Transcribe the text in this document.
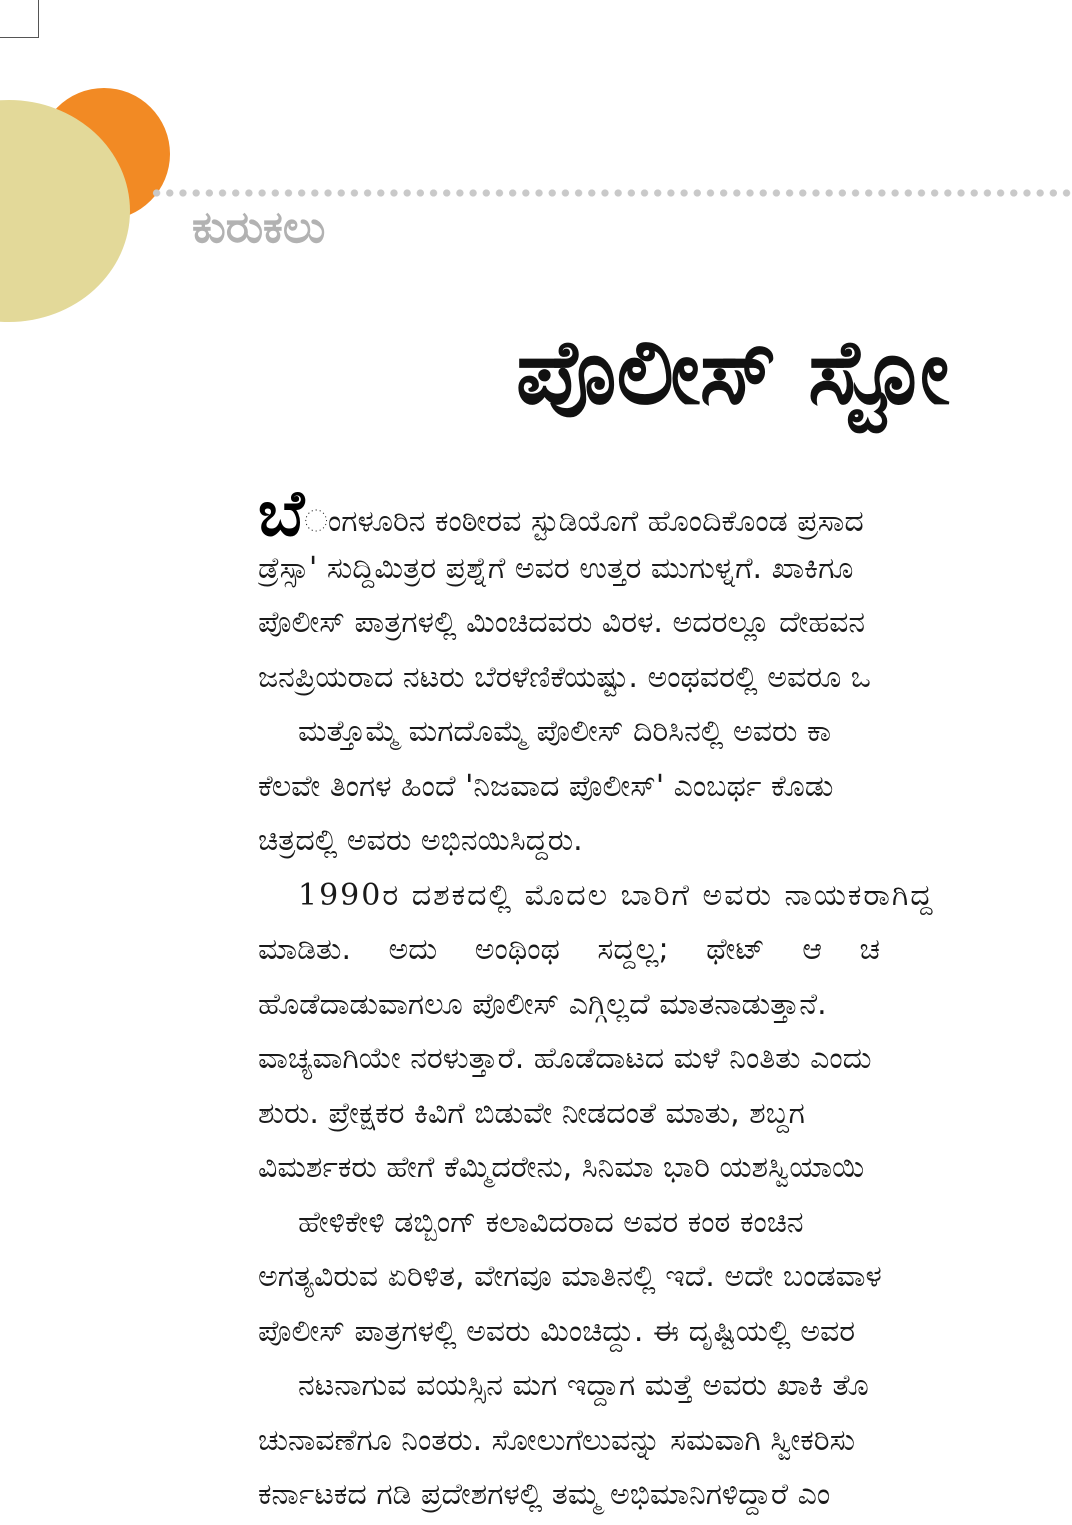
ಕುರುಕಲು
ಪೊಲೀಸ್ ಸ್ಟೋ
ಬೆಂಗಳೂರಿನ ಕಂಠೀರವ ಸ್ಟುಡಿಯೊಗೆ ಹೊಂದಿಕೊಂಡ ಪ್ರಸಾದ
ಡ್ರೆಸ್ಸಾ' ಸುದ್ದಿಮಿತ್ರರ ಪ್ರಶ್ನೆಗೆ ಅವರ ಉತ್ತರ ಮುಗುಳ್ನಗೆ. ಖಾಕಿಗೂ
ಪೊಲೀಸ್ ಪಾತ್ರಗಳಲ್ಲಿ ಮಿಂಚಿದವರು ವಿರಳ. ಅದರಲ್ಲೂ ದೇಹವನ
ಜನಪ್ರಿಯರಾದ ನಟರು ಬೆರಳೆಣಿಕೆಯಷ್ಟು. ಅಂಥವರಲ್ಲಿ ಅವರೂ ಒ
ಮತ್ತೊಮ್ಮೆ ಮಗದೊಮ್ಮೆ ಪೊಲೀಸ್ ದಿರಿಸಿನಲ್ಲಿ ಅವರು ಕಾ
ಕೆಲವೇ ತಿಂಗಳ ಹಿಂದೆ 'ನಿಜವಾದ ಪೊಲೀಸ್' ಎಂಬರ್ಥ ಕೊಡು
ಚಿತ್ರದಲ್ಲಿ ಅವರು ಅಭಿನಯಿಸಿದ್ದರು.
1990ರ ದಶಕದಲ್ಲಿ ಮೊದಲ ಬಾರಿಗೆ ಅವರು ನಾಯಕರಾಗಿದ್ದ
ಮಾಡಿತು. ಅದು ಅಂಥಿಂಥ ಸದ್ದಲ್ಲ; ಥೇಟ್ ಆ ಚ
ಹೊಡೆದಾಡುವಾಗಲೂ ಪೊಲೀಸ್ ಎಗ್ಗಿಲ್ಲದೆ ಮಾತನಾಡುತ್ತಾನೆ.
ವಾಚ್ಯವಾಗಿಯೇ ನರಳುತ್ತಾರೆ. ಹೊಡೆದಾಟದ ಮಳೆ ನಿಂತಿತು ಎಂದು
ಶುರು. ಪ್ರೇಕ್ಷಕರ ಕಿವಿಗೆ ಬಿಡುವೇ ನೀಡದಂತೆ ಮಾತು, ಶಬ್ದಗ
ವಿಮರ್ಶಕರು ಹೇಗೆ ಕೆಮ್ಮಿದರೇನು, ಸಿನಿಮಾ ಭಾರಿ ಯಶಸ್ವಿಯಾಯಿ
ಹೇಳಿಕೇಳಿ ಡಬ್ಬಿಂಗ್ ಕಲಾವಿದರಾದ ಅವರ ಕಂಠ ಕಂಚಿನ
ಅಗತ್ಯವಿರುವ ಏರಿಳಿತ, ವೇಗವೂ ಮಾತಿನಲ್ಲಿ ಇದೆ. ಅದೇ ಬಂಡವಾಳ
ಪೊಲೀಸ್ ಪಾತ್ರಗಳಲ್ಲಿ ಅವರು ಮಿಂಚಿದ್ದು. ಈ ದೃಷ್ಟಿಯಲ್ಲಿ ಅವರ
ನಟನಾಗುವ ವಯಸ್ಸಿನ ಮಗ ಇದ್ದಾಗ ಮತ್ತೆ ಅವರು ಖಾಕಿ ತೊ
ಚುನಾವಣೆಗೂ ನಿಂತರು. ಸೋಲುಗೆಲುವನ್ನು ಸಮವಾಗಿ ಸ್ವೀಕರಿಸು
ಕರ್ನಾಟಕದ ಗಡಿ ಪ್ರದೇಶಗಳಲ್ಲಿ ತಮ್ಮ ಅಭಿಮಾನಿಗಳಿದ್ದಾರೆ ಎಂ
